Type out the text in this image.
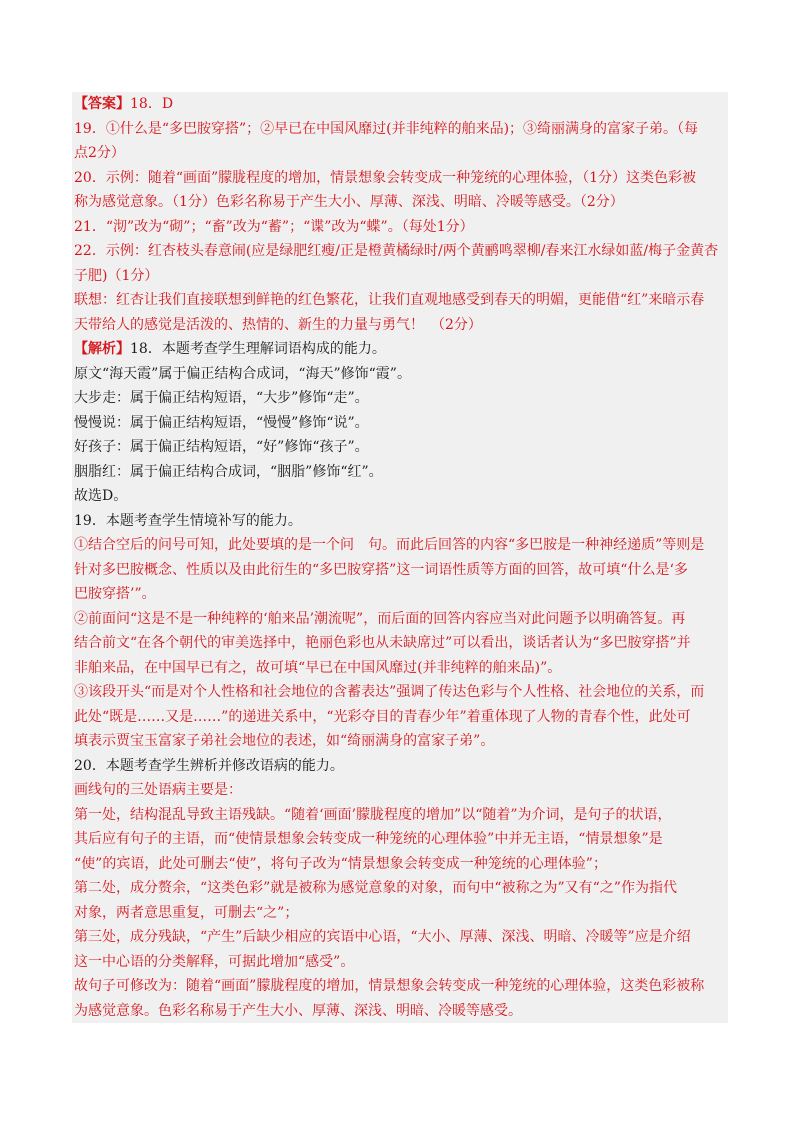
【答案】18．D
19．①什么是“多巴胺穿搭”；②早已在中国风靡过(并非纯粹的舶来品)；③绮丽满身的富家子弟。（每
点2分）
20．示例：随着“画面”朦胧程度的增加，情景想象会转变成一种笼统的心理体验，（1分）这类色彩被
称为感觉意象。（1分）色彩名称易于产生大小、厚薄、深浅、明暗、冷暖等感受。（2分）
21．“沏”改为“砌”；“畜”改为“蓄”；“谍”改为“蝶”。（每处1分）
22．示例：红杏枝头春意闹(应是绿肥红瘦/正是橙黄橘绿时/两个黄鹂鸣翠柳/春来江水绿如蓝/梅子金黄杏
子肥)（1分）
联想：红杏让我们直接联想到鲜艳的红色繁花，让我们直观地感受到春天的明媚，更能借“红”来暗示春
天带给人的感觉是活泼的、热情的、新生的力量与勇气！　（2分）
【解析】18．本题考查学生理解词语构成的能力。
原文“海天霞”属于偏正结构合成词，“海天”修饰“霞”。
大步走：属于偏正结构短语，“大步”修饰“走”。
慢慢说：属于偏正结构短语，“慢慢”修饰“说”。
好孩子：属于偏正结构短语，“好”修饰“孩子”。
胭脂红：属于偏正结构合成词，“胭脂”修饰“红”。
故选D。
19．本题考查学生情境补写的能力。
①结合空后的问号可知，此处要填的是一个问　句。而此后回答的内容“多巴胺是一种神经递质”等则是
针对多巴胺概念、性质以及由此衍生的“多巴胺穿搭”这一词语性质等方面的回答，故可填“什么是‘多
巴胺穿搭’”。
②前面问“这是不是一种纯粹的‘舶来品’潮流呢”，而后面的回答内容应当对此问题予以明确答复。再
结合前文“在各个朝代的审美选择中，艳丽色彩也从未缺席过”可以看出，谈话者认为“多巴胺穿搭”并
非舶来品，在中国早已有之，故可填“早已在中国风靡过(并非纯粹的舶来品)”。
③该段开头“而是对个人性格和社会地位的含蓄表达”强调了传达色彩与个人性格、社会地位的关系，而
此处“既是……又是……”的递进关系中，“光彩夺目的青春少年”着重体现了人物的青春个性，此处可
填表示贾宝玉富家子弟社会地位的表述，如“绮丽满身的富家子弟”。
20．本题考查学生辨析并修改语病的能力。
画线句的三处语病主要是：
第一处，结构混乱导致主语残缺。“随着‘画面’朦胧程度的增加”以“随着”为介词，是句子的状语，
其后应有句子的主语，而“使情景想象会转变成一种笼统的心理体验”中并无主语，“情景想象”是
“使”的宾语，此处可删去“使”，将句子改为“情景想象会转变成一种笼统的心理体验”；
第二处，成分赘余，“这类色彩”就是被称为感觉意象的对象，而句中“被称之为”又有“之”作为指代
对象，两者意思重复，可删去“之”；
第三处，成分残缺，“产生”后缺少相应的宾语中心语，“大小、厚薄、深浅、明暗、冷暖等”应是介绍
这一中心语的分类解释，可据此增加“感受”。
故句子可修改为：随着“画面”朦胧程度的增加，情景想象会转变成一种笼统的心理体验，这类色彩被称
为感觉意象。色彩名称易于产生大小、厚薄、深浅、明暗、冷暖等感受。
